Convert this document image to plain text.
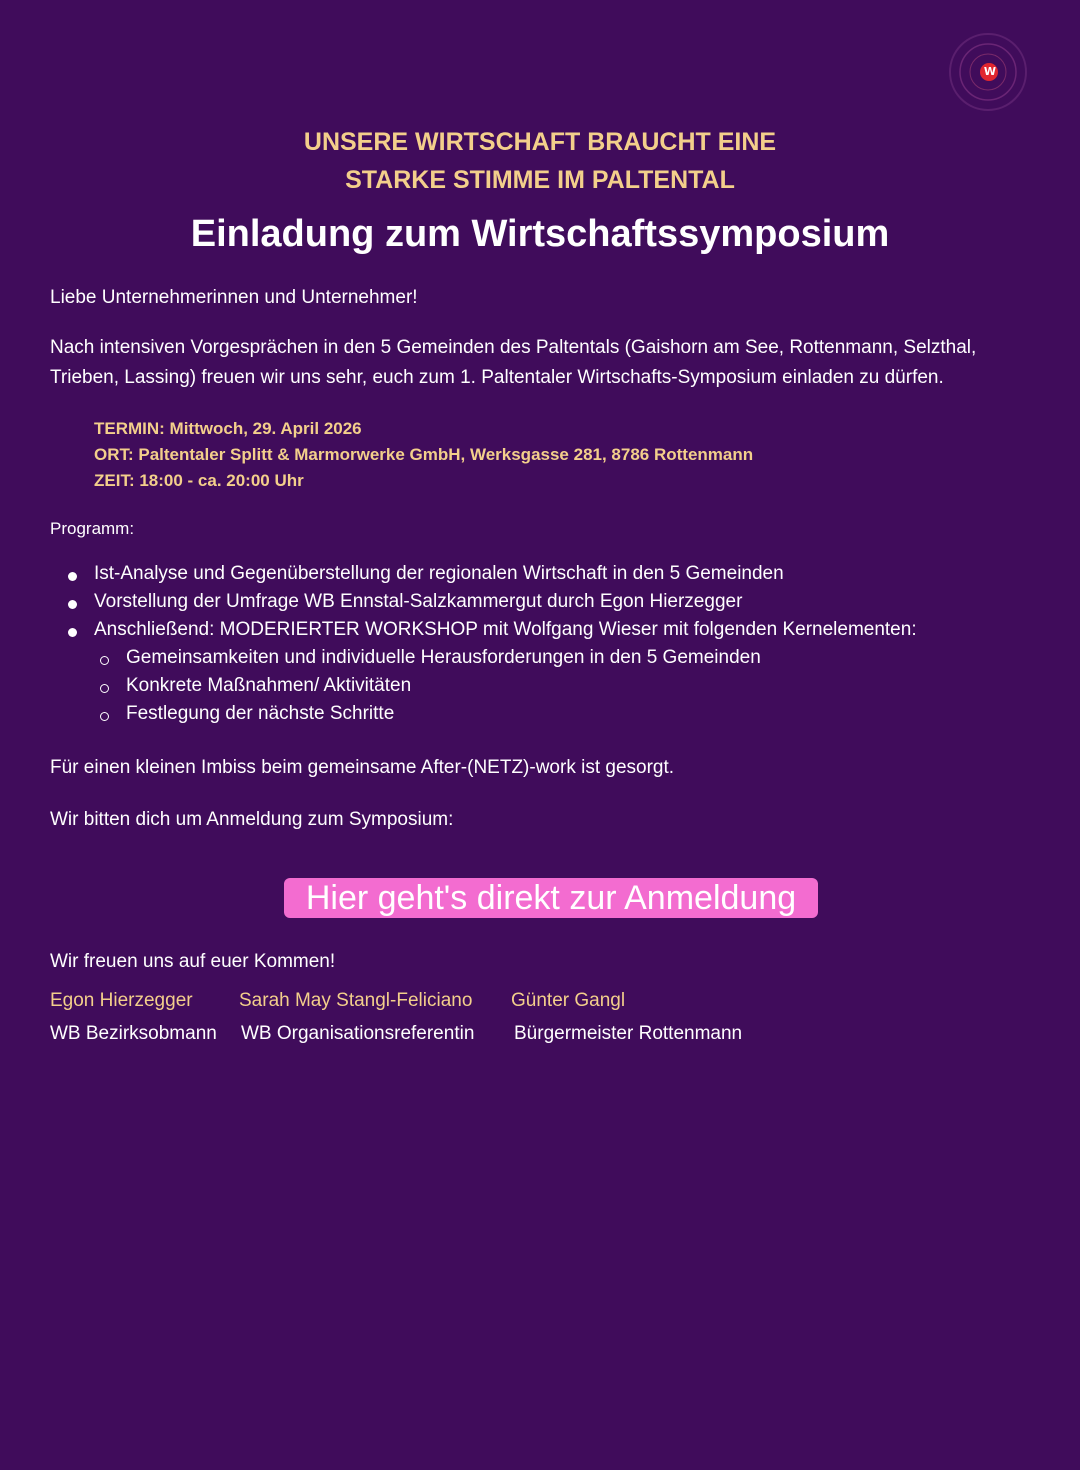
W
UNSERE WIRTSCHAFT BRAUCHT EINE
STARKE STIMME IM PALTENTAL
Einladung zum Wirtschaftssymposium
Liebe Unternehmerinnen und Unternehmer!
Nach intensiven Vorgesprächen in den 5 Gemeinden des Paltentals (Gaishorn am See, Rottenmann, Selzthal, Trieben, Lassing) freuen wir uns sehr, euch zum 1. Paltentaler Wirtschafts-Symposium einladen zu dürfen.
TERMIN: Mittwoch, 29. April 2026
ORT: Paltentaler Splitt & Marmorwerke GmbH, Werksgasse 281, 8786 Rottenmann
ZEIT: 18:00 - ca. 20:00 Uhr
Programm:
Ist-Analyse und Gegenüberstellung der regionalen Wirtschaft in den 5 Gemeinden
Vorstellung der Umfrage WB Ennstal-Salzkammergut durch Egon Hierzegger
Anschließend: MODERIERTER WORKSHOP mit Wolfgang Wieser mit folgenden Kernelementen:
Gemeinsamkeiten und individuelle Herausforderungen in den 5 Gemeinden
Konkrete Maßnahmen/ Aktivitäten
Festlegung der nächste Schritte
Für einen kleinen Imbiss beim gemeinsame After-(NETZ)-work ist gesorgt.
Wir bitten dich um Anmeldung zum Symposium:
Hier geht's direkt zur Anmeldung
Wir freuen uns auf euer Kommen!
Egon Hierzegger Sarah May Stangl-Feliciano Günter Gangl
WB Bezirksobmann WB Organisationsreferentin Bürgermeister Rottenmann
